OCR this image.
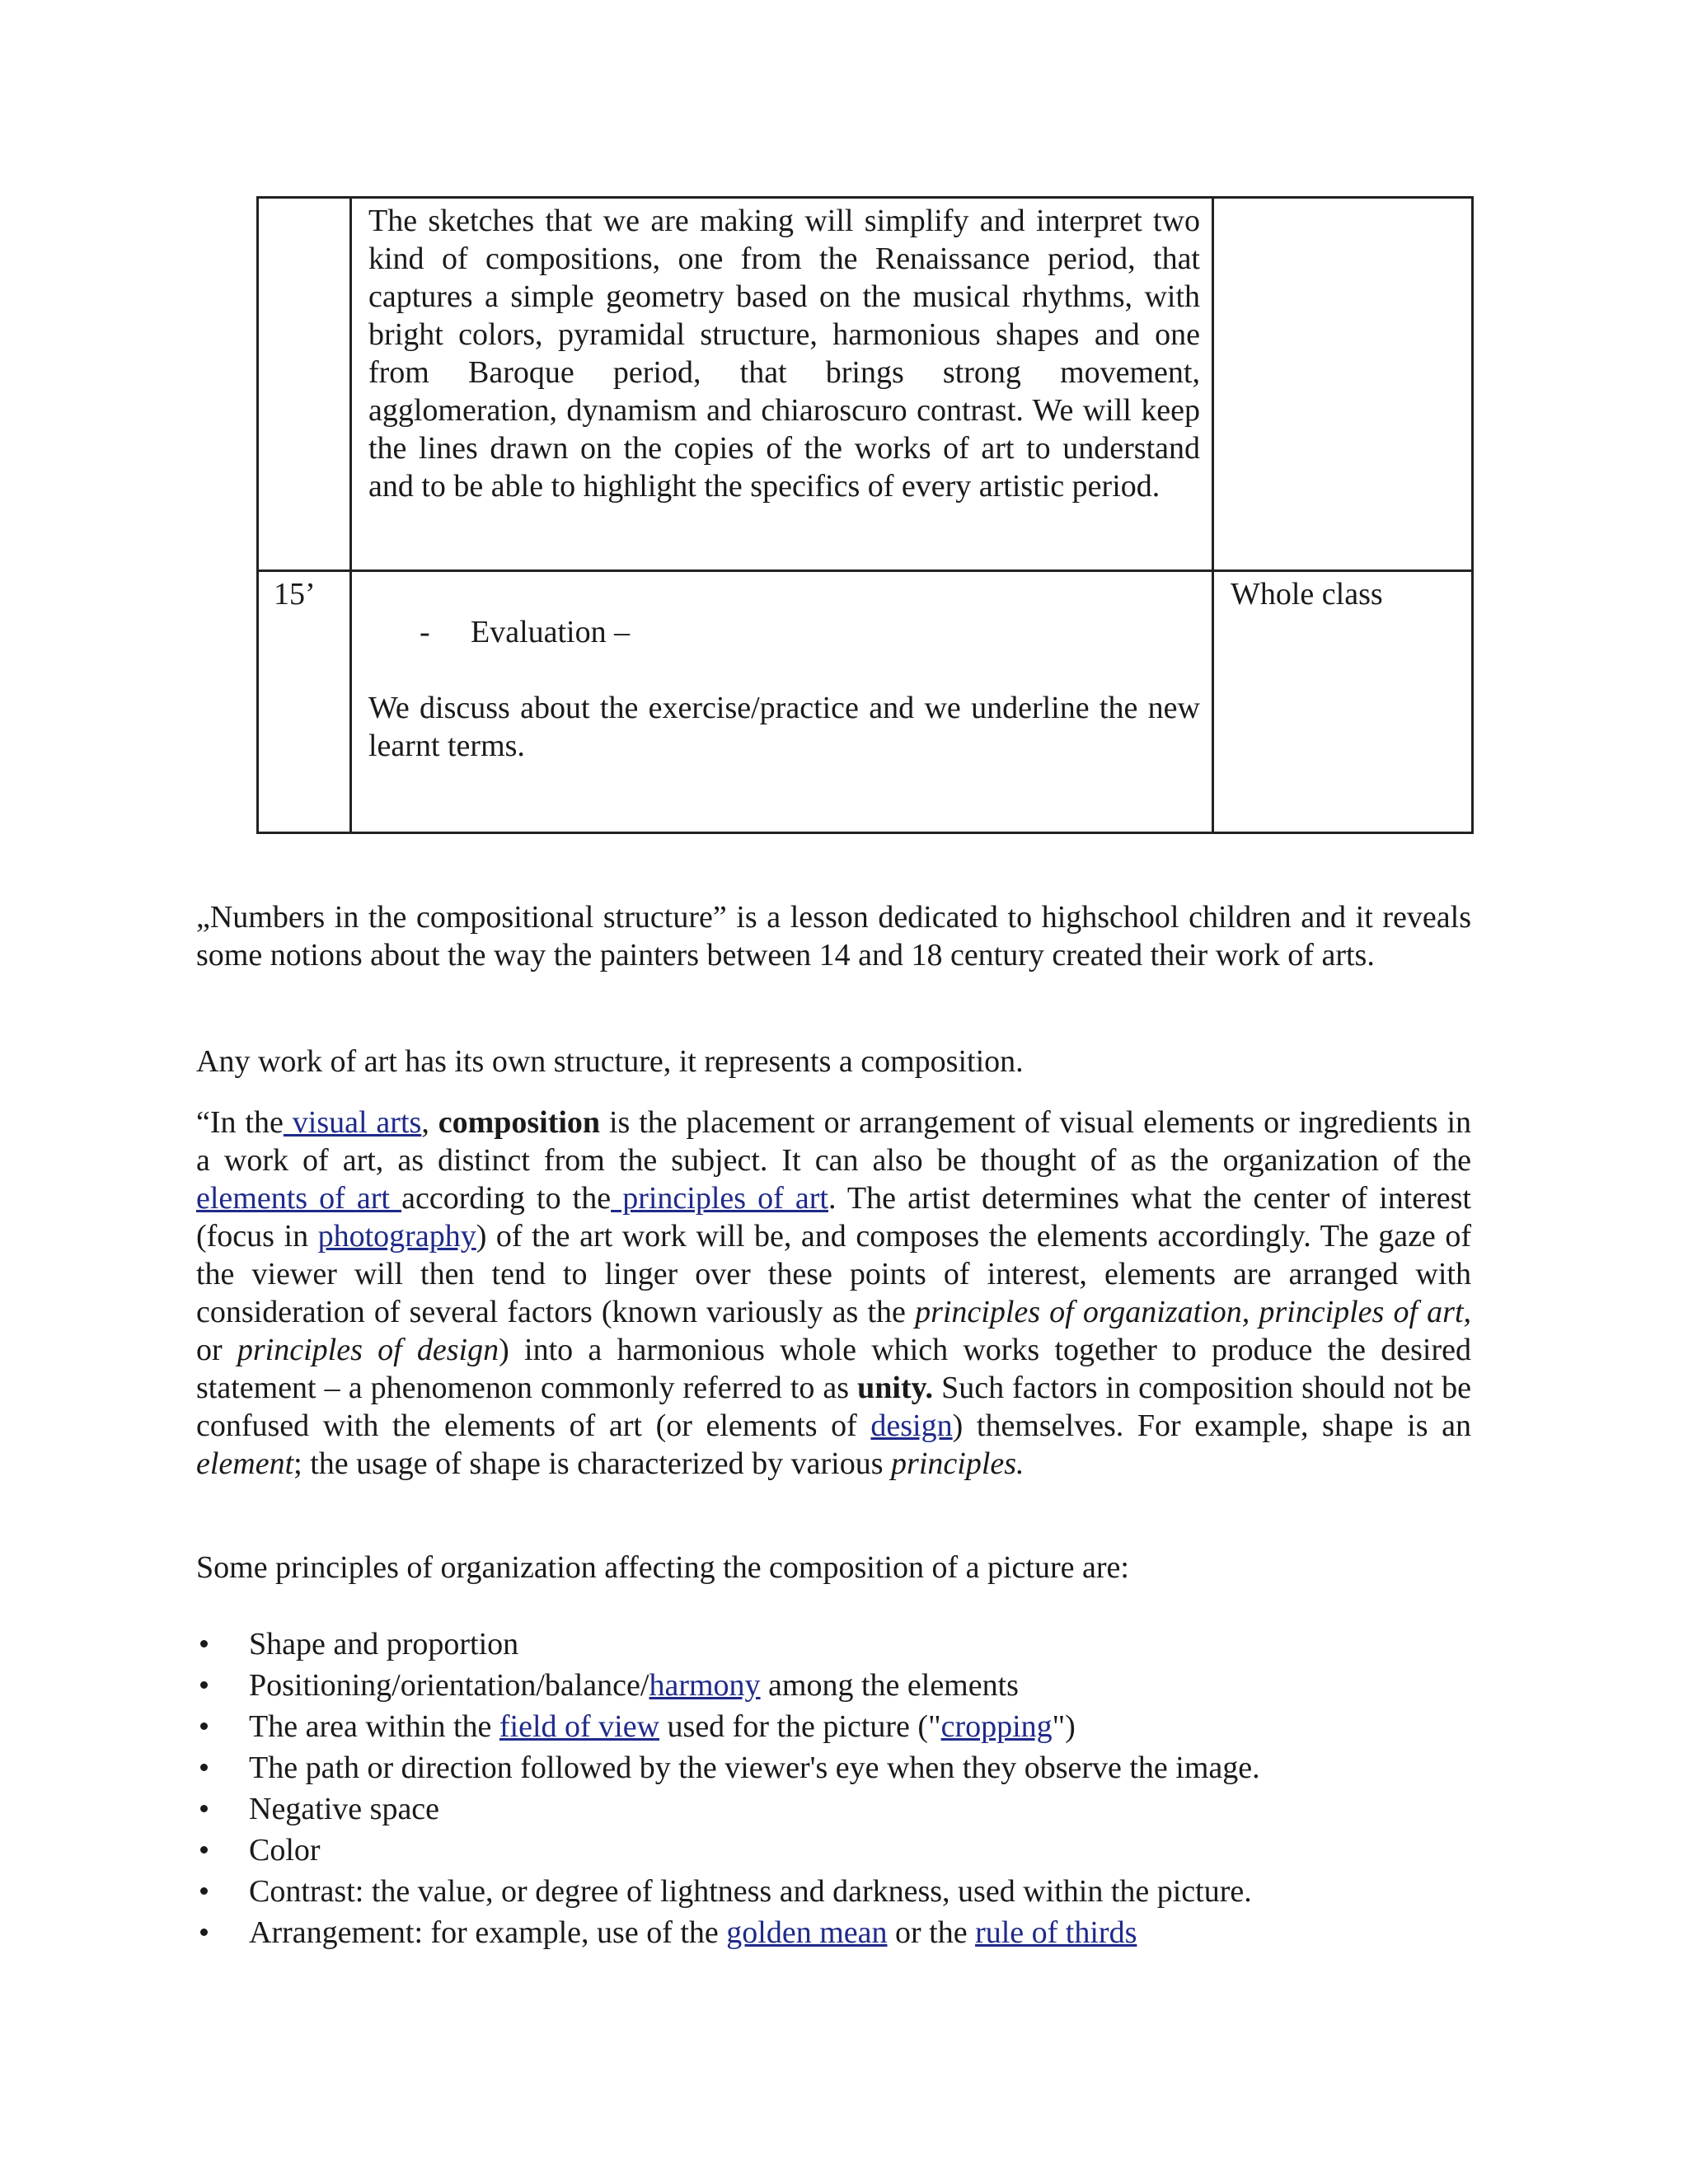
	The sketches that we are making will simplify and interpret two kind of compositions, one from the Renaissance period, that captures a simple geometry based on the musical rhythms, with bright colors, pyramidal structure, harmonious shapes and one from Baroque period, that brings strong movement, agglomeration, dynamism and chiaroscuro contrast. We will keep the lines drawn on the copies of the works of art to understand and to be able to highlight the specifics of every artistic period.	

15’	- Evaluation –
We discuss about the exercise/practice and we underline the new learnt terms.	Whole class

„Numbers in the compositional structure” is a lesson dedicated to highschool children and it reveals some notions about the way the painters between 14 and 18 century created their work of arts.

Any work of art has its own structure, it represents a composition.

“In the visual arts, composition is the placement or arrangement of visual elements or ingredients in a work of art, as distinct from the subject. It can also be thought of as the organization of the elements of art according to the principles of art. The artist determines what the center of interest (focus in photography) of the art work will be, and composes the elements accordingly. The gaze of the viewer will then tend to linger over these points of interest, elements are arranged with consideration of several factors (known variously as the principles of organization, principles of art, or principles of design) into a harmonious whole which works together to produce the desired statement – a phenomenon commonly referred to as unity. Such factors in composition should not be confused with the elements of art (or elements of design) themselves. For example, shape is an element; the usage of shape is characterized by various principles.

Some principles of organization affecting the composition of a picture are:

Shape and proportion
Positioning/orientation/balance/harmony among the elements
The area within the field of view used for the picture ("cropping")
The path or direction followed by the viewer's eye when they observe the image.
Negative space
Color
Contrast: the value, or degree of lightness and darkness, used within the picture.
Arrangement: for example, use of the golden mean or the rule of thirds
